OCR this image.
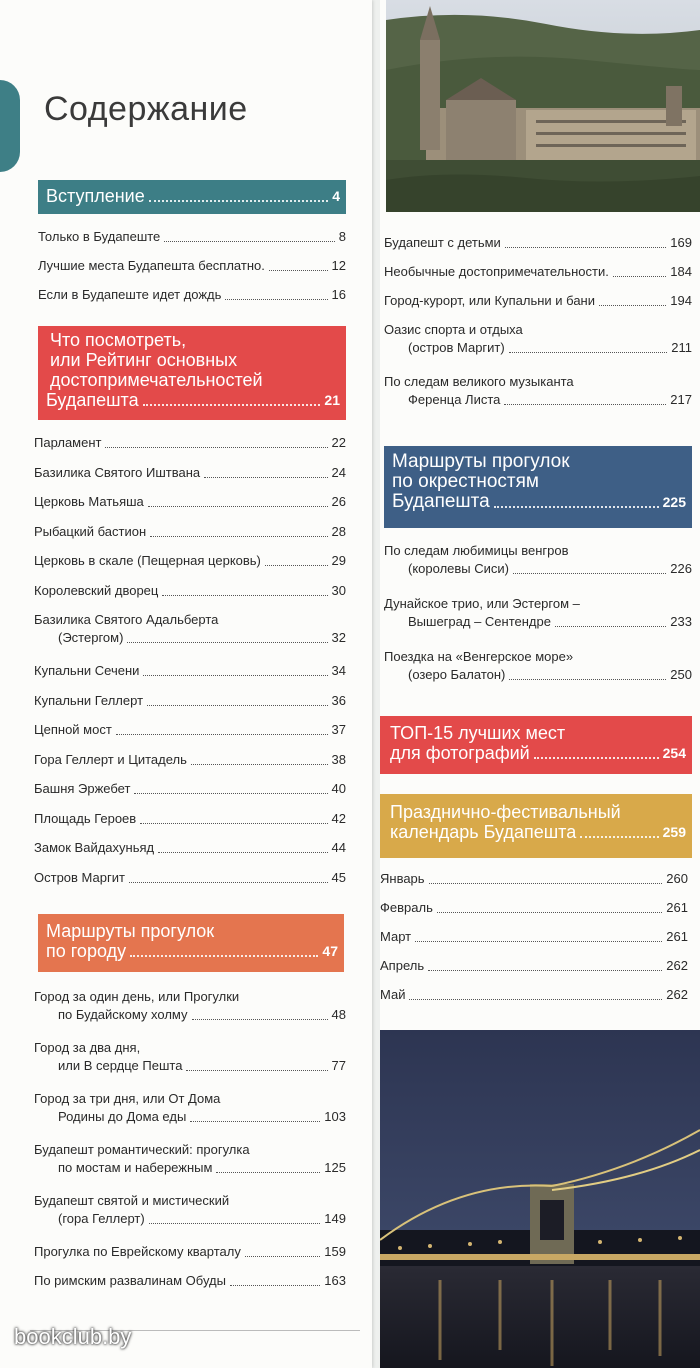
Содержание
Вступление	4
Только в Будапеште	8
Лучшие места Будапешта бесплатно.	12
Если в Будапеште идет дождь	16
Что посмотреть,
или Рейтинг основных
достопримечательностей
Будапешта	21
Парламент	22
Базилика Святого Иштвана	24
Церковь Матьяша	26
Рыбацкий бастион	28
Церковь в скале (Пещерная церковь)	29
Королевский дворец	30
Базилика Святого Адальберта
(Эстергом)	32
Купальни Сечени	34
Купальни Геллерт	36
Цепной мост	37
Гора Геллерт и Цитадель	38
Башня Эржебет	40
Площадь Героев	42
Замок Вайдахуньяд	44
Остров Маргит	45
Маршруты прогулок
по городу	47
Город за один день, или Прогулки
по Будайскому холму	48
Город за два дня,
или В сердце Пешта	77
Город за три дня, или От Дома
Родины до Дома еды	103
Будапешт романтический: прогулка
по мостам и набережным	125
Будапешт святой и мистический
(гора Геллерт)	149
Прогулка по Еврейскому кварталу	159
По римским развалинам Обуды	163
bookclub.by
Будапешт с детьми	169
Необычные достопримечательности.	184
Город-курорт, или Купальни и бани	194
Оазис спорта и отдыха
(остров Маргит)	211
По следам великого музыканта
Ференца Листа	217
Маршруты прогулок
по окрестностям
Будапешта	225
По следам любимицы венгров
(королевы Сиси)	226
Дунайское трио, или Эстергом –
Вышеград – Сентендре	233
Поездка на «Венгерское море»
(озеро Балатон)	250
ТОП-15 лучших мест
для фотографий	254
Празднично-фестивальный
календарь Будапешта	259
Январь	260
Февраль	261
Март	261
Апрель	262
Май	262
